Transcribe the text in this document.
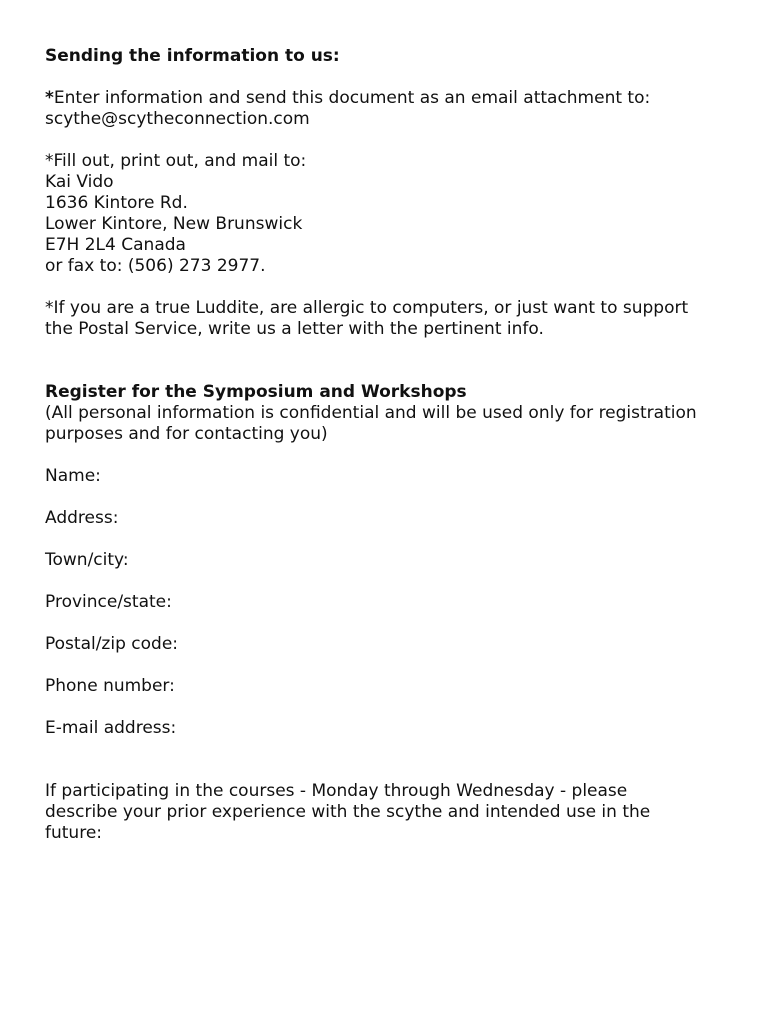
Sending the information to us:
*Enter information and send this document as an email attachment to:
scythe@scytheconnection.com
*Fill out, print out, and mail to:
Kai Vido
1636 Kintore Rd.
Lower Kintore, New Brunswick
E7H 2L4 Canada
or fax to: (506) 273 2977.
*If you are a true Luddite, are allergic to computers, or just want to support
the Postal Service, write us a letter with the pertinent info.
Register for the Symposium and Workshops
(All personal information is confidential and will be used only for registration
purposes and for contacting you)
Name:
Address:
Town/city:
Province/state:
Postal/zip code:
Phone number:
E-mail address:
If participating in the courses - Monday through Wednesday - please
describe your prior experience with the scythe and intended use in the
future:
